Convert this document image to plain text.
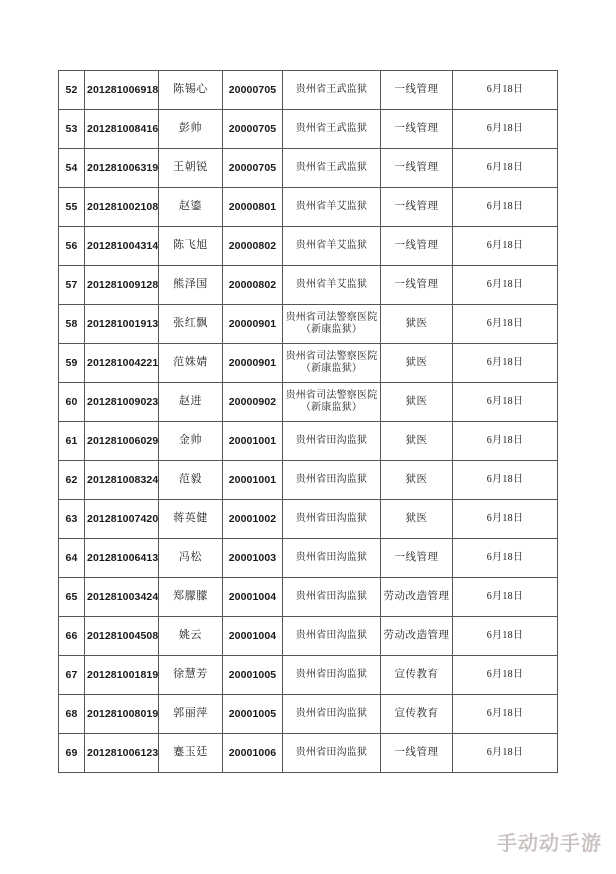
52	201281006918	陈锡心	20000705	贵州省王武监狱	一线管理	6月18日
53	201281008416	彭帅	20000705	贵州省王武监狱	一线管理	6月18日
54	201281006319	王朝锐	20000705	贵州省王武监狱	一线管理	6月18日
55	201281002108	赵鎏	20000801	贵州省羊艾监狱	一线管理	6月18日
56	201281004314	陈飞旭	20000802	贵州省羊艾监狱	一线管理	6月18日
57	201281009128	熊泽国	20000802	贵州省羊艾监狱	一线管理	6月18日
58	201281001913	张红飘	20000901	贵州省司法警察医院（新康监狱）	狱医	6月18日
59	201281004221	范姝婧	20000901	贵州省司法警察医院（新康监狱）	狱医	6月18日
60	201281009023	赵进	20000902	贵州省司法警察医院（新康监狱）	狱医	6月18日
61	201281006029	金帅	20001001	贵州省田沟监狱	狱医	6月18日
62	201281008324	范毅	20001001	贵州省田沟监狱	狱医	6月18日
63	201281007420	蒋英健	20001002	贵州省田沟监狱	狱医	6月18日
64	201281006413	冯松	20001003	贵州省田沟监狱	一线管理	6月18日
65	201281003424	郑朦朦	20001004	贵州省田沟监狱	劳动改造管理	6月18日
66	201281004508	姚云	20001004	贵州省田沟监狱	劳动改造管理	6月18日
67	201281001819	徐慧芳	20001005	贵州省田沟监狱	宣传教育	6月18日
68	201281008019	郭丽萍	20001005	贵州省田沟监狱	宣传教育	6月18日
69	201281006123	蹇玉廷	20001006	贵州省田沟监狱	一线管理	6月18日
手动动手游
